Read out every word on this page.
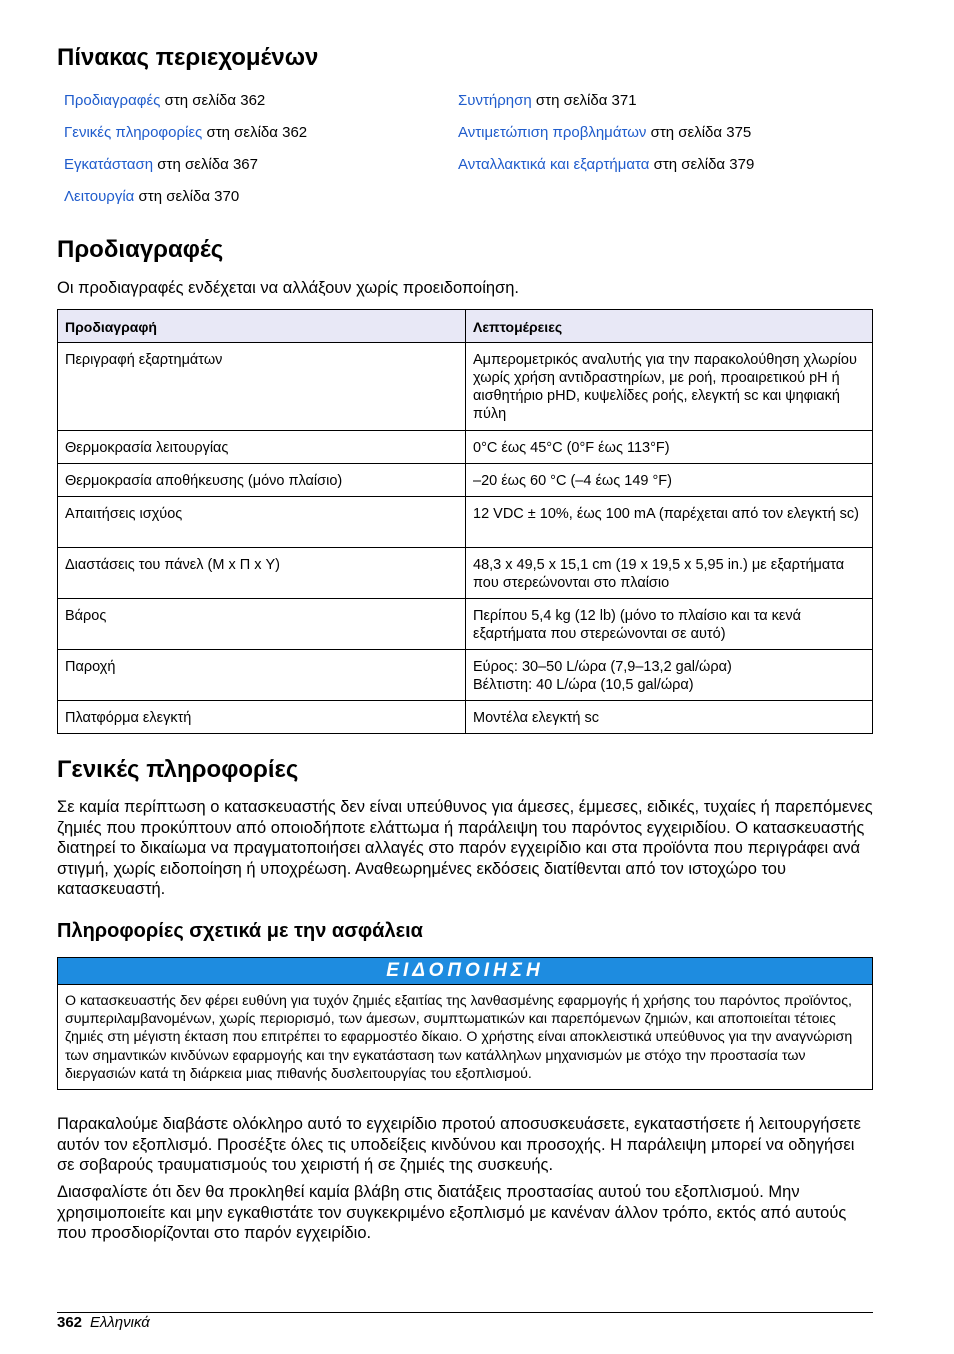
Πίνακας περιεχομένων
Προδιαγραφές στη σελίδα 362
Γενικές πληροφορίες στη σελίδα 362
Εγκατάσταση στη σελίδα 367
Λειτουργία στη σελίδα 370
Συντήρηση στη σελίδα 371
Αντιμετώπιση προβλημάτων στη σελίδα 375
Ανταλλακτικά και εξαρτήματα στη σελίδα 379
Προδιαγραφές

Οι προδιαγραφές ενδέχεται να αλλάξουν χωρίς προειδοποίηση.

Προδιαγραφή	Λεπτομέρειες
Περιγραφή εξαρτημάτων	Αμπερομετρικός αναλυτής για την παρακολούθηση χλωρίου χωρίς χρήση αντιδραστηρίων, με ροή, προαιρετικού pH ή αισθητήριο pHD, κυψελίδες ροής, ελεγκτή sc και ψηφιακή πύλη
Θερμοκρασία λειτουργίας	0°C έως 45°C (0°F έως 113°F)
Θερμοκρασία αποθήκευσης (μόνο πλαίσιο)	–20 έως 60 °C (–4 έως 149 °F)
Απαιτήσεις ισχύος	12 VDC ± 10%, έως 100 mA (παρέχεται από τον ελεγκτή sc)
Διαστάσεις του πάνελ (Μ x Π x Υ)	48,3 x 49,5 x 15,1 cm (19 x 19,5 x 5,95 in.) με εξαρτήματα που στερεώνονται στο πλαίσιο
Βάρος	Περίπου 5,4 kg (12 lb) (μόνο το πλαίσιο και τα κενά εξαρτήματα που στερεώνονται σε αυτό)
Παροχή	Εύρος: 30–50 L/ώρα (7,9–13,2 gal/ώρα)
Βέλτιστη: 40 L/ώρα (10,5 gal/ώρα)
Πλατφόρμα ελεγκτή	Μοντέλα ελεγκτή sc
Γενικές πληροφορίες

Σε καμία περίπτωση ο κατασκευαστής δεν είναι υπεύθυνος για άμεσες, έμμεσες, ειδικές, τυχαίες ή παρεπόμενες ζημιές που προκύπτουν από οποιοδήποτε ελάττωμα ή παράλειψη του παρόντος εγχειριδίου. Ο κατασκευαστής διατηρεί το δικαίωμα να πραγματοποιήσει αλλαγές στο παρόν εγχειρίδιο και στα προϊόντα που περιγράφει ανά στιγμή, χωρίς ειδοποίηση ή υποχρέωση. Αναθεωρημένες εκδόσεις διατίθενται από τον ιστοχώρο του κατασκευαστή.

Πληροφορίες σχετικά με την ασφάλεια
ΕΙΔΟΠΟΙΗΣΗ
Ο κατασκευαστής δεν φέρει ευθύνη για τυχόν ζημιές εξαιτίας της λανθασμένης εφαρμογής ή χρήσης του παρόντος προϊόντος, συμπεριλαμβανομένων, χωρίς περιορισμό, των άμεσων, συμπτωματικών και παρεπόμενων ζημιών, και αποποιείται τέτοιες ζημιές στη μέγιστη έκταση που επιτρέπει το εφαρμοστέο δίκαιο. Ο χρήστης είναι αποκλειστικά υπεύθυνος για την αναγνώριση των σημαντικών κινδύνων εφαρμογής και την εγκατάσταση των κατάλληλων μηχανισμών με στόχο την προστασία των διεργασιών κατά τη διάρκεια μιας πιθανής δυσλειτουργίας του εξοπλισμού.

Παρακαλούμε διαβάστε ολόκληρο αυτό το εγχειρίδιο προτού αποσυσκευάσετε, εγκαταστήσετε ή λειτουργήσετε αυτόν τον εξοπλισμό. Προσέξτε όλες τις υποδείξεις κινδύνου και προσοχής. Η παράλειψη μπορεί να οδηγήσει σε σοβαρούς τραυματισμούς του χειριστή ή σε ζημιές της συσκευής.

Διασφαλίστε ότι δεν θα προκληθεί καμία βλάβη στις διατάξεις προστασίας αυτού του εξοπλισμού. Μην χρησιμοποιείτε και μην εγκαθιστάτε τον συγκεκριμένο εξοπλισμό με κανέναν άλλον τρόπο, εκτός από αυτούς που προσδιορίζονται στο παρόν εγχειρίδιο.

362 Ελληνικά
